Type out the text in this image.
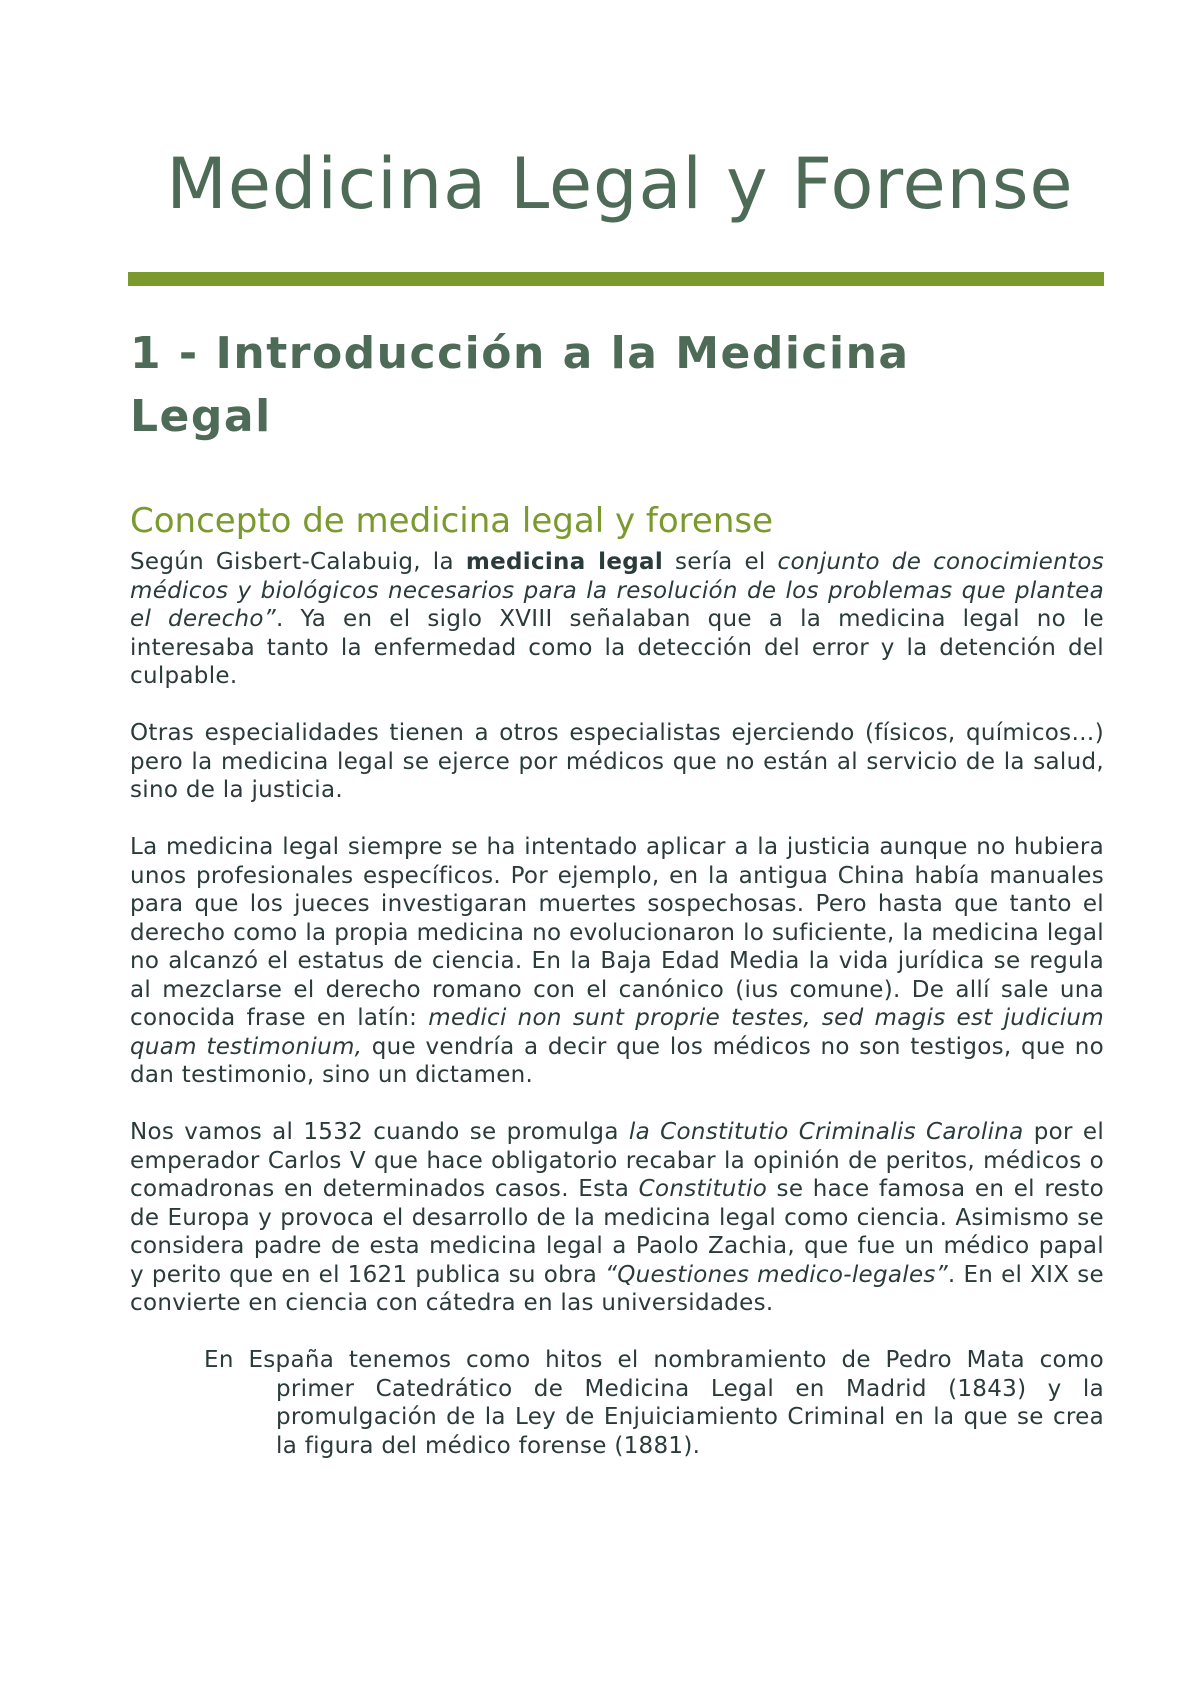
Medicina Legal y Forense
1 - Introducción a la Medicina Legal
Concepto de medicina legal y forense

Según Gisbert-Calabuig, la medicina legal sería el conjunto de conocimientos médicos y biológicos necesarios para la resolución de los problemas que plantea el derecho”. Ya en el siglo XVIII señalaban que a la medicina legal no le interesaba tanto la enfermedad como la detección del error y la detención del culpable.

Otras especialidades tienen a otros especialistas ejerciendo (físicos, químicos…) pero la medicina legal se ejerce por médicos que no están al servicio de la salud, sino de la justicia.

La medicina legal siempre se ha intentado aplicar a la justicia aunque no hubiera unos profesionales específicos. Por ejemplo, en la antigua China había manuales para que los jueces investigaran muertes sospechosas. Pero hasta que tanto el derecho como la propia medicina no evolucionaron lo suficiente, la medicina legal no alcanzó el estatus de ciencia. En la Baja Edad Media la vida jurídica se regula al mezclarse el derecho romano con el canónico (ius comune). De allí sale una conocida frase en latín: medici non sunt proprie testes, sed magis est judicium quam testimonium, que vendría a decir que los médicos no son testigos, que no dan testimonio, sino un dictamen.

Nos vamos al 1532 cuando se promulga la Constitutio Criminalis Carolina por el emperador Carlos V que hace obligatorio recabar la opinión de peritos, médicos o comadronas en determinados casos. Esta Constitutio se hace famosa en el resto de Europa y provoca el desarrollo de la medicina legal como ciencia. Asimismo se considera padre de esta medicina legal a Paolo Zachia, que fue un médico papal y perito que en el 1621 publica su obra “Questiones medico-legales”. En el XIX se convierte en ciencia con cátedra en las universidades.

En España tenemos como hitos el nombramiento de Pedro Mata como primer Catedrático de Medicina Legal en Madrid (1843) y la promulgación de la Ley de Enjuiciamiento Criminal en la que se crea la figura del médico forense (1881).
